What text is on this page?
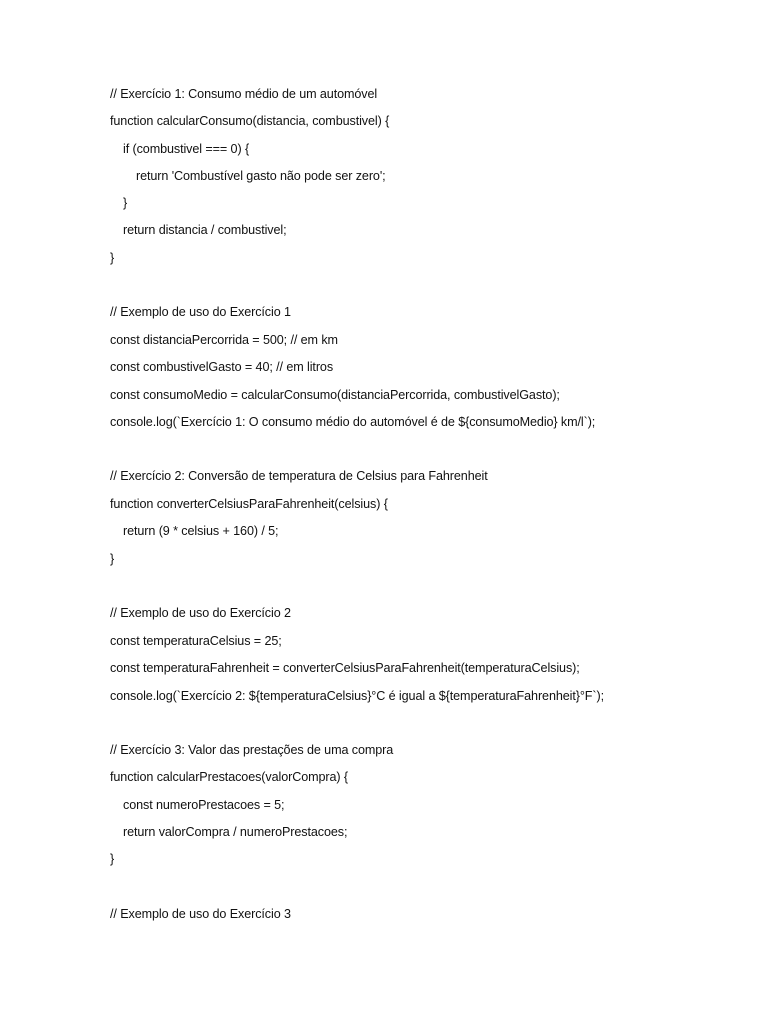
// Exercício 1: Consumo médio de um automóvel
function calcularConsumo(distancia, combustivel) {
if (combustivel === 0) {
return 'Combustível gasto não pode ser zero';
}
return distancia / combustivel;
}
// Exemplo de uso do Exercício 1
const distanciaPercorrida = 500; // em km
const combustivelGasto = 40; // em litros
const consumoMedio = calcularConsumo(distanciaPercorrida, combustivelGasto);
console.log(`Exercício 1: O consumo médio do automóvel é de ${consumoMedio} km/l`);
// Exercício 2: Conversão de temperatura de Celsius para Fahrenheit
function converterCelsiusParaFahrenheit(celsius) {
return (9 * celsius + 160) / 5;
}
// Exemplo de uso do Exercício 2
const temperaturaCelsius = 25;
const temperaturaFahrenheit = converterCelsiusParaFahrenheit(temperaturaCelsius);
console.log(`Exercício 2: ${temperaturaCelsius}°C é igual a ${temperaturaFahrenheit}°F`);
// Exercício 3: Valor das prestações de uma compra
function calcularPrestacoes(valorCompra) {
const numeroPrestacoes = 5;
return valorCompra / numeroPrestacoes;
}
// Exemplo de uso do Exercício 3
